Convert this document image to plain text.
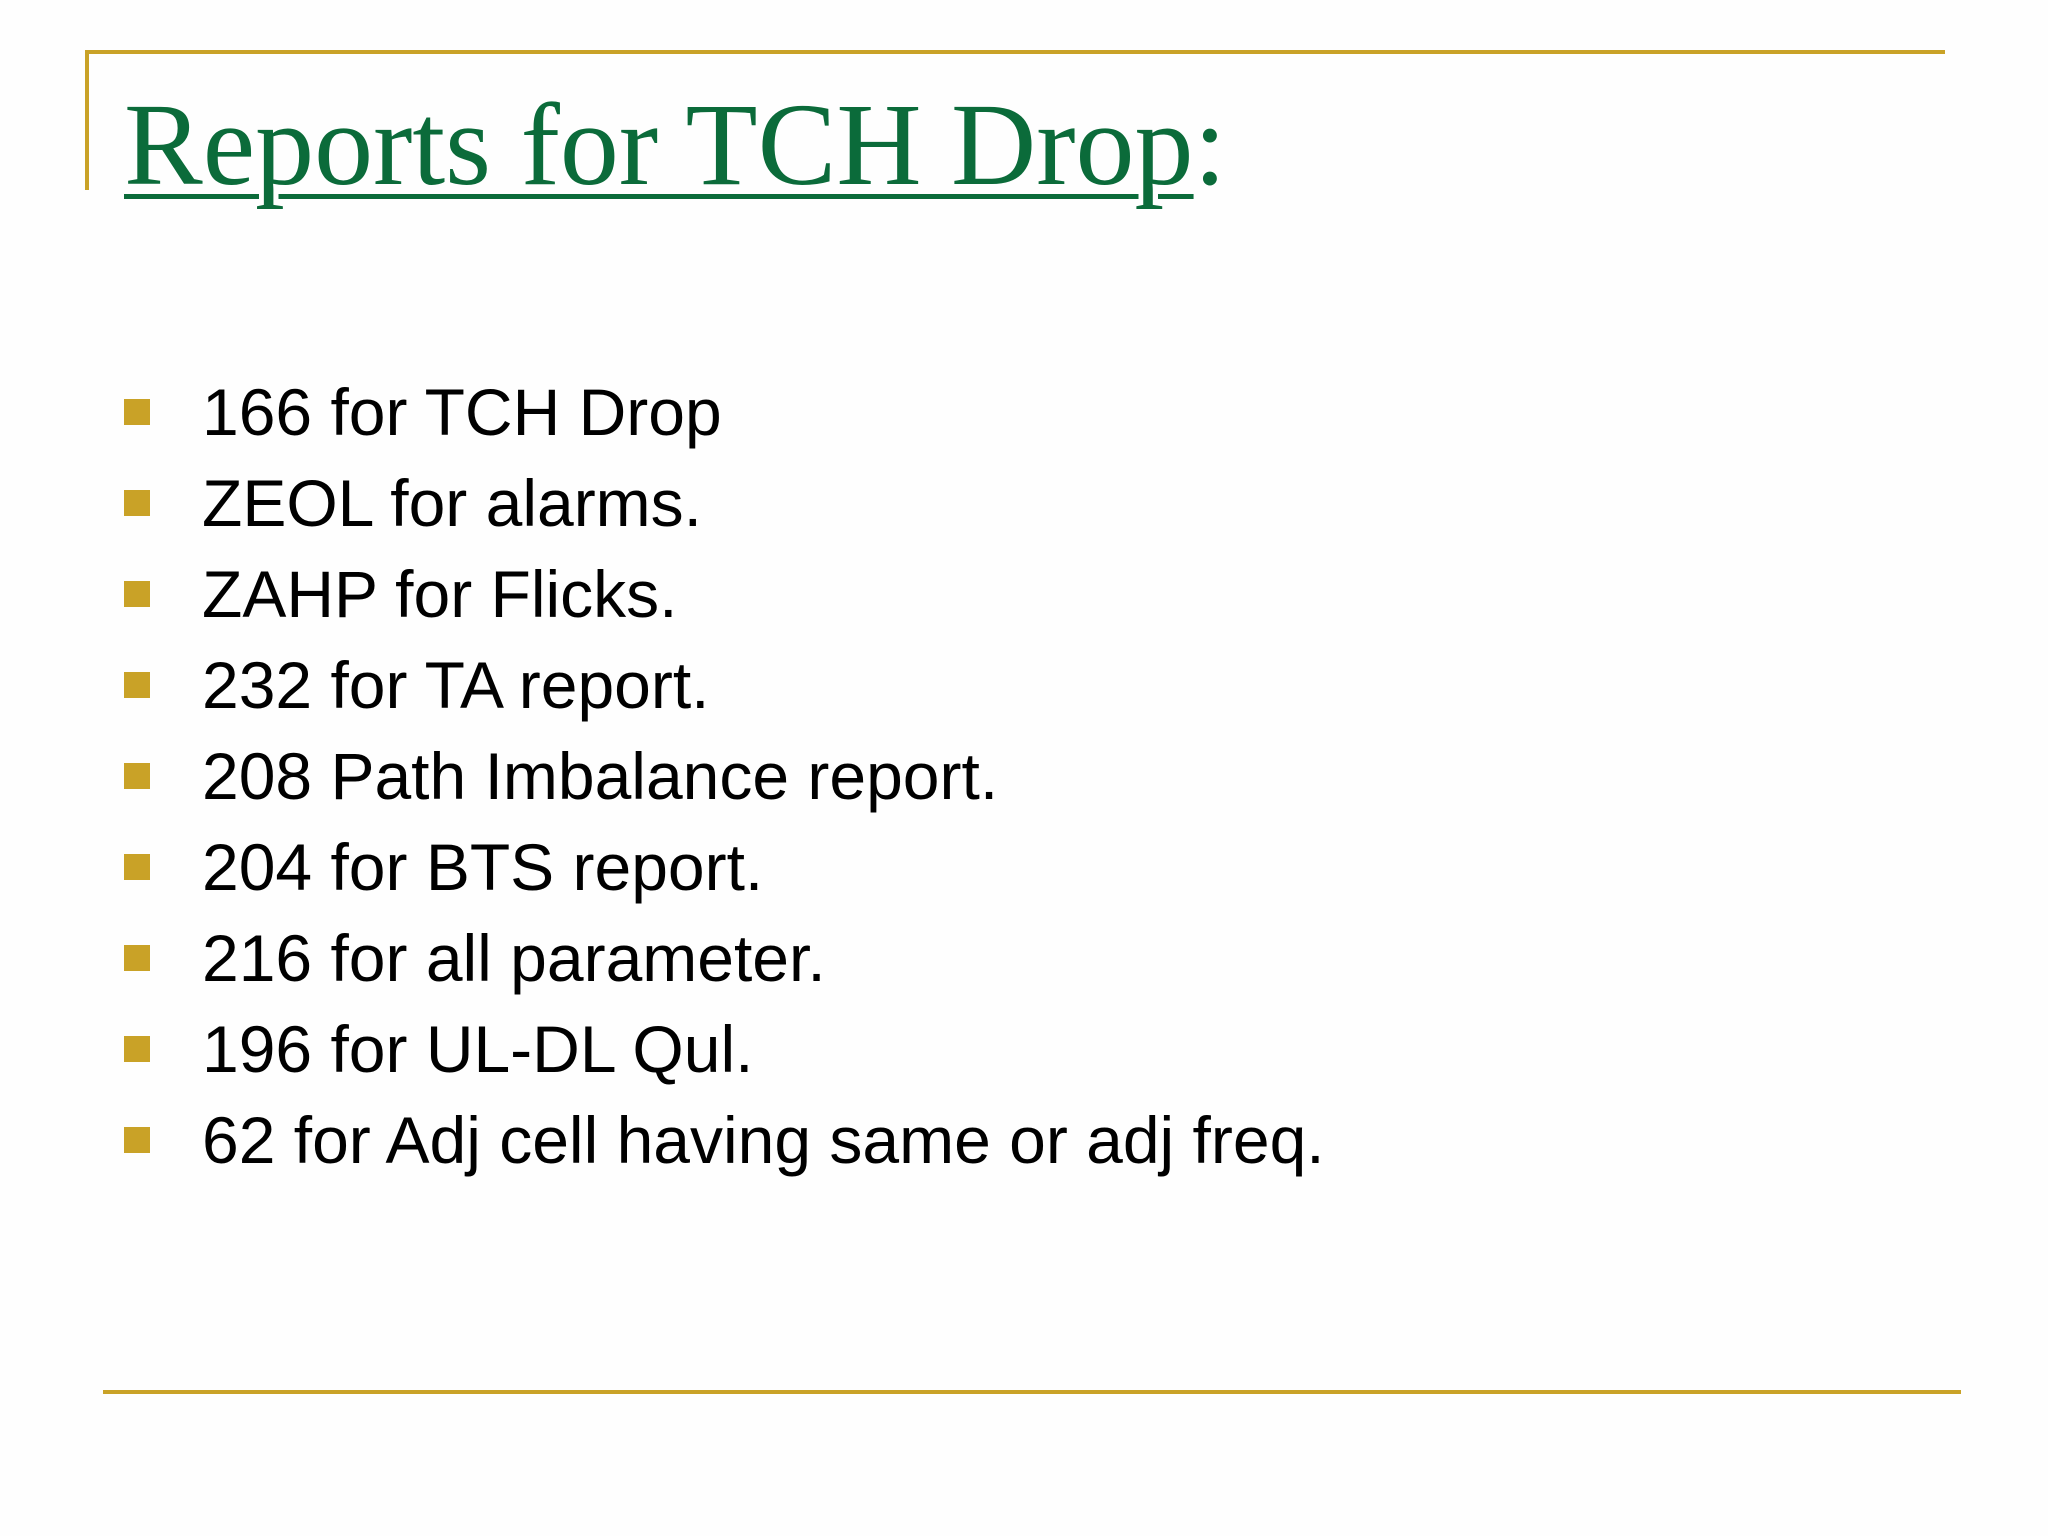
Reports for TCH Drop:
166 for TCH Drop
ZEOL for alarms.
ZAHP for Flicks.
232 for TA report.
208 Path Imbalance report.
204 for BTS report.
216 for all parameter.
196 for UL-DL Qul.
62 for Adj cell having same or adj freq.
